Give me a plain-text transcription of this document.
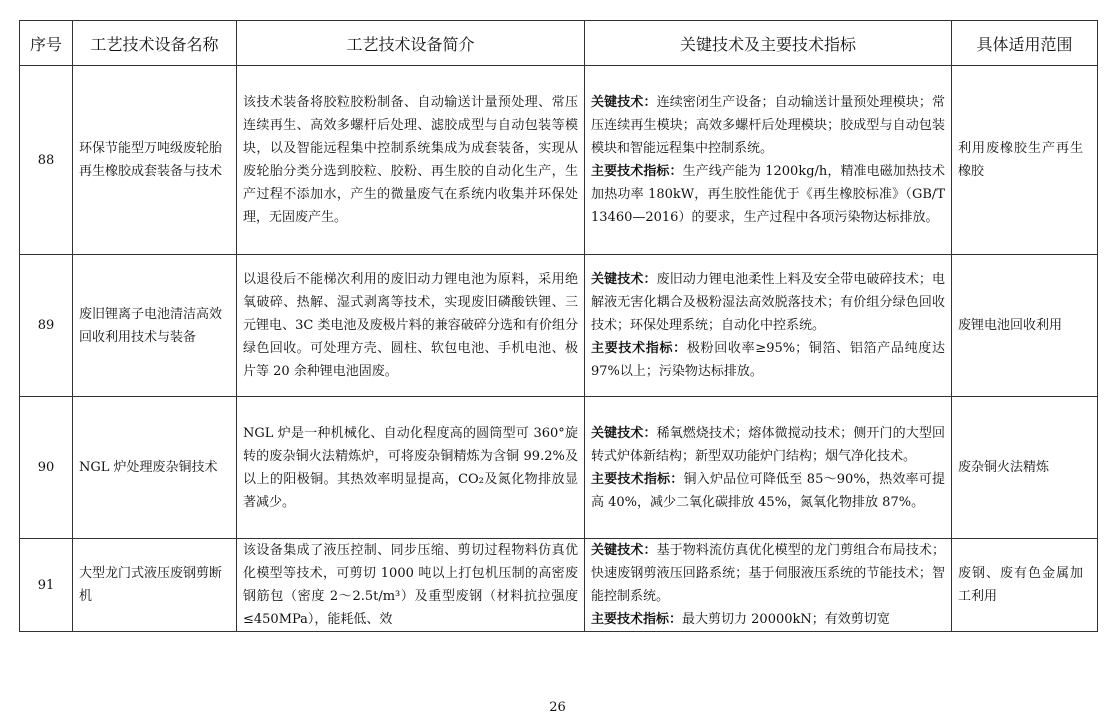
序号	工艺技术设备名称	工艺技术设备简介	关键技术及主要技术指标	具体适用范围
88	环保节能型万吨级废轮胎再生橡胶成套装备与技术	该技术装备将胶粒胶粉制备、自动输送计量预处理、常压连续再生、高效多螺杆后处理、滤胶成型与自动包装等模块，以及智能远程集中控制系统集成为成套装备，实现从废轮胎分类分选到胶粒、胶粉、再生胶的自动化生产，生产过程不添加水，产生的微量废气在系统内收集并环保处理，无固废产生。	关键技术：连续密闭生产设备；自动输送计量预处理模块；常压连续再生模块；高效多螺杆后处理模块；胶成型与自动包装模块和智能远程集中控制系统。
主要技术指标：生产线产能为 1200kg/h，精准电磁加热技术加热功率 180kW，再生胶性能优于《再生橡胶标准》（GB/T 13460—2016）的要求，生产过程中各项污染物达标排放。	利用废橡胶生产再生橡胶
89	废旧锂离子电池清洁高效回收利用技术与装备	以退役后不能梯次利用的废旧动力锂电池为原料，采用绝氧破碎、热解、湿式剥离等技术，实现废旧磷酸铁锂、三元锂电、3C 类电池及废极片料的兼容破碎分选和有价组分绿色回收。可处理方壳、圆柱、软包电池、手机电池、极片等 20 余种锂电池固废。	关键技术：废旧动力锂电池柔性上料及安全带电破碎技术；电解液无害化耦合及极粉湿法高效脱落技术；有价组分绿色回收技术；环保处理系统；自动化中控系统。
主要技术指标：极粉回收率≥95%；铜箔、铝箔产品纯度达 97%以上；污染物达标排放。	废锂电池回收利用
90	NGL 炉处理废杂铜技术	NGL 炉是一种机械化、自动化程度高的圆筒型可 360°旋转的废杂铜火法精炼炉，可将废杂铜精炼为含铜 99.2%及以上的阳极铜。其热效率明显提高，CO₂及氮化物排放显著减少。	关键技术：稀氧燃烧技术；熔体微搅动技术；侧开门的大型回转式炉体新结构；新型双功能炉门结构；烟气净化技术。
主要技术指标：铜入炉品位可降低至 85～90%，热效率可提高 40%，减少二氧化碳排放 45%，氮氧化物排放 87%。	废杂铜火法精炼
91	大型龙门式液压废钢剪断机	该设备集成了液压控制、同步压缩、剪切过程物料仿真优化模型等技术，可剪切 1000 吨以上打包机压制的高密废钢筋包（密度 2～2.5t/m³）及重型废钢（材料抗拉强度≤450MPa），能耗低、效	关键技术：基于物料流仿真优化模型的龙门剪组合布局技术；快速废钢剪液压回路系统；基于伺服液压系统的节能技术；智能控制系统。
主要技术指标：最大剪切力 20000kN；有效剪切宽	废钢、废有色金属加工利用
26
